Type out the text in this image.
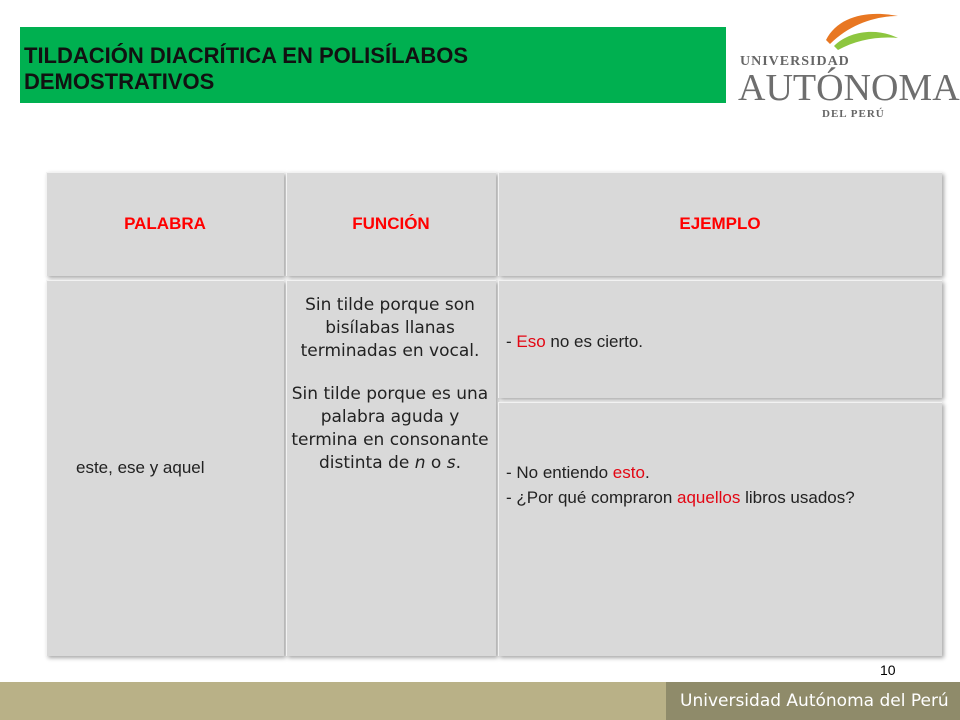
TILDACIÓN DIACRÍTICA EN POLISÍLABOS
DEMOSTRATIVOS
UNIVERSIDAD
AUTÓNOMA
DEL PERÚ
PALABRA	FUNCIÓN	EJEMPLO
este, ese y aquel

Sin tilde porque son bisílabas llanas terminadas en vocal.

Sin tilde porque es una palabra aguda y termina en consonante distinta de n o s.

- Eso no es cierto.
- No entiendo esto.
- ¿Por qué compraron aquellos libros usados?
10
Universidad Autónoma del Perú
